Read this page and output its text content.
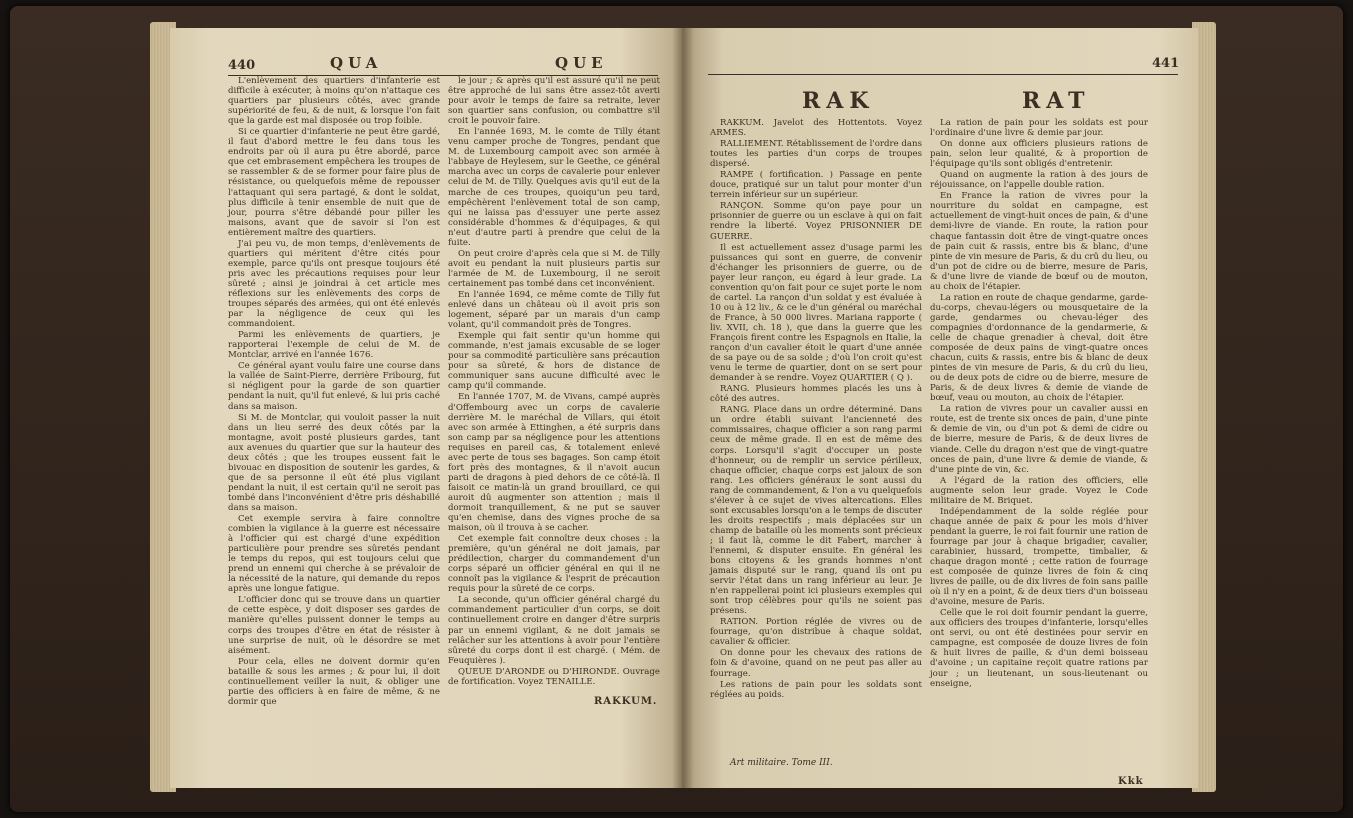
440	QUA	QUE

L'enlèvement des quartiers d'infanterie est difficile à exécuter, à moins qu'on n'attaque ces quartiers par plusieurs côtés, avec grande supériorité de feu, & de nuit, & lorsque l'on fait que la garde est mal disposée ou trop foible.

Si ce quartier d'infanterie ne peut être gardé, il faut d'abord mettre le feu dans tous les endroits par où il aura pu être abordé, parce que cet embrasement empêchera les troupes de se rassembler & de se former pour faire plus de résistance, ou quelquefois même de repousser l'attaquant qui sera partagé, & dont le soldat, plus difficile à tenir ensemble de nuit que de jour, pourra s'être débandé pour piller les maisons, avant que de savoir si l'on est entièrement maître des quartiers.

J'ai peu vu, de mon temps, d'enlèvements de quartiers qui méritent d'être cités pour exemple, parce qu'ils ont presque toujours été pris avec les précautions requises pour leur sûreté ; ainsi je joindrai à cet article mes réflexions sur les enlèvements des corps de troupes séparés des armées, qui ont été enlevés par la négligence de ceux qui les commandoient.

Parmi les enlèvements de quartiers, je rapporterai l'exemple de celui de M. de Montclar, arrivé en l'année 1676.

Ce général ayant voulu faire une course dans la vallée de Saint-Pierre, derrière Fribourg, fut si négligent pour la garde de son quartier pendant la nuit, qu'il fut enlevé, & lui pris caché dans sa maison.

Si M. de Montclar, qui vouloit passer la nuit dans un lieu serré des deux côtés par la montagne, avoit posté plusieurs gardes, tant aux avenues du quartier que sur la hauteur des deux côtés ; que les troupes eussent fait le bivouac en disposition de soutenir les gardes, & que de sa personne il eût été plus vigilant pendant la nuit, il est certain qu'il ne seroit pas tombé dans l'inconvénient d'être pris déshabillé dans sa maison.

Cet exemple servira à faire connoître combien la vigilance à la guerre est nécessaire à l'officier qui est chargé d'une expédition particulière pour prendre ses sûretés pendant le temps du repos, qui est toujours celui que prend un ennemi qui cherche à se prévaloir de la nécessité de la nature, qui demande du repos après une longue fatigue.

L'officier donc qui se trouve dans un quartier de cette espèce, y doit disposer ses gardes de manière qu'elles puissent donner le temps au corps des troupes d'être en état de résister à une surprise de nuit, où le désordre se met aisément.

Pour cela, elles ne doivent dormir qu'en bataille & sous les armes ; & pour lui, il doit continuellement veiller la nuit, & obliger une partie des officiers à en faire de même, & ne dormir que

le jour ; & après qu'il est assuré qu'il ne peut être approché de lui sans être assez-tôt averti pour avoir le temps de faire sa retraite, lever son quartier sans confusion, ou combattre s'il croit le pouvoir faire.

En l'année 1693, M. le comte de Tilly étant venu camper proche de Tongres, pendant que M. de Luxembourg campoit avec son armée à l'abbaye de Heylesem, sur le Geethe, ce général marcha avec un corps de cavalerie pour enlever celui de M. de Tilly. Quelques avis qu'il eut de la marche de ces troupes, quoiqu'un peu tard, empêchèrent l'enlèvement total de son camp, qui ne laissa pas d'essuyer une perte assez considérable d'hommes & d'équipages, & qui n'eut d'autre parti à prendre que celui de la fuite.

On peut croire d'après cela que si M. de Tilly avoit eu pendant la nuit plusieurs partis sur l'armée de M. de Luxembourg, il ne seroit certainement pas tombé dans cet inconvénient.

En l'année 1694, ce même comte de Tilly fut enlevé dans un château où il avoit pris son logement, séparé par un marais d'un camp volant, qu'il commandoit près de Tongres.

Exemple qui fait sentir qu'un homme qui commande, n'est jamais excusable de se loger pour sa commodité particulière sans précaution pour sa sûreté, & hors de distance de communiquer sans aucune difficulté avec le camp qu'il commande.

En l'année 1707, M. de Vivans, campé auprès d'Offembourg avec un corps de cavalerie derrière M. le maréchal de Villars, qui étoit avec son armée à Ettinghen, a été surpris dans son camp par sa négligence pour les attentions requises en pareil cas, & totalement enlevé avec perte de tous ses bagages. Son camp étoit fort près des montagnes, & il n'avoit aucun parti de dragons à pied dehors de ce côté-là. Il faisoit ce matin-là un grand brouillard, ce qui auroit dû augmenter son attention ; mais il dormoit tranquillement, & ne put se sauver qu'en chemise, dans des vignes proche de sa maison, où il trouva à se cacher.

Cet exemple fait connoître deux choses : la première, qu'un général ne doit jamais, par prédilection, charger du commandement d'un corps séparé un officier général en qui il ne connoît pas la vigilance & l'esprit de précaution requis pour la sûreté de ce corps.

La seconde, qu'un officier général chargé du commandement particulier d'un corps, se doit continuellement croire en danger d'être surpris par un ennemi vigilant, & ne doit jamais se relâcher sur les attentions à avoir pour l'entière sûreté du corps dont il est chargé. ( Mém. de Feuquières ).

QUEUE D'ARONDE ou D'HIRONDE. Ouvrage de fortification. Voyez TENAILLE.

RAKKUM.
441
RAK	RAT

RAKKUM. Javelot des Hottentots. Voyez ARMES.

RALLIEMENT. Rétablissement de l'ordre dans toutes les parties d'un corps de troupes dispersé.

RAMPE ( fortification. ) Passage en pente douce, pratiqué sur un talut pour monter d'un terrein inférieur sur un supérieur.

RANÇON. Somme qu'on paye pour un prisonnier de guerre ou un esclave à qui on fait rendre la liberté. Voyez PRISONNIER DE GUERRE.

Il est actuellement assez d'usage parmi les puissances qui sont en guerre, de convenir d'échanger les prisonniers de guerre, ou de payer leur rançon, eu égard à leur grade. La convention qu'on fait pour ce sujet porte le nom de cartel. La rançon d'un soldat y est évaluée à 10 ou à 12 liv., & ce le d'un général ou maréchal de France, à 50 000 livres. Mariana rapporte ( liv. XVII, ch. 18 ), que dans la guerre que les François firent contre les Espagnols en Italie, la rançon d'un cavalier étoit le quart d'une année de sa paye ou de sa solde ; d'où l'on croit qu'est venu le terme de quartier, dont on se sert pour demander à se rendre. Voyez QUARTIER ( Q ).

RANG. Plusieurs hommes placés les uns à côté des autres.

RANG. Place dans un ordre déterminé. Dans un ordre établi suivant l'ancienneté des commissaires, chaque officier a son rang parmi ceux de même grade. Il en est de même des corps. Lorsqu'il s'agit d'occuper un poste d'honneur, ou de remplir un service périlleux, chaque officier, chaque corps est jaloux de son rang. Les officiers généraux le sont aussi du rang de commandement, & l'on a vu quelquefois s'élever à ce sujet de vives altercations. Elles sont excusables lorsqu'on a le temps de discuter les droits respectifs ; mais déplacées sur un champ de bataille où les moments sont précieux ; il faut là, comme le dit Fabert, marcher à l'ennemi, & disputer ensuite. En général les bons citoyens & les grands hommes n'ont jamais disputé sur le rang, quand ils ont pu servir l'état dans un rang inférieur au leur. Je n'en rappellerai point ici plusieurs exemples qui sont trop célèbres pour qu'ils ne soient pas présens.

RATION. Portion réglée de vivres ou de fourrage, qu'on distribue à chaque soldat, cavalier & officier.

On donne pour les chevaux des rations de foin & d'avoine, quand on ne peut pas aller au fourrage.

Les rations de pain pour les soldats sont réglées au poids.

La ration de pain pour les soldats est pour l'ordinaire d'une livre & demie par jour.

On donne aux officiers plusieurs rations de pain, selon leur qualité, & à proportion de l'équipage qu'ils sont obligés d'entretenir.

Quand on augmente la ration à des jours de réjouissance, on l'appelle double ration.

En France la ration de vivres pour la nourriture du soldat en campagne, est actuellement de vingt-huit onces de pain, & d'une demi-livre de viande. En route, la ration pour chaque fantassin doit être de vingt-quatre onces de pain cuit & rassis, entre bis & blanc, d'une pinte de vin mesure de Paris, & du crû du lieu, ou d'un pot de cidre ou de bierre, mesure de Paris, & d'une livre de viande de bœuf ou de mouton, au choix de l'étapier.

La ration en route de chaque gendarme, garde-du-corps, chevau-légers ou mousquetaire de la garde, gendarmes ou chevau-léger des compagnies d'ordonnance de la gendarmerie, & celle de chaque grenadier à cheval, doit être composée de deux pains de vingt-quatre onces chacun, cuits & rassis, entre bis & blanc de deux pintes de vin mesure de Paris, & du crû du lieu, ou de deux pots de cidre ou de bierre, mesure de Paris, & de deux livres & demie de viande de bœuf, veau ou mouton, au choix de l'étapier.

La ration de vivres pour un cavalier aussi en route, est de trente six onces de pain, d'une pinte & demie de vin, ou d'un pot & demi de cidre ou de bierre, mesure de Paris, & de deux livres de viande. Celle du dragon n'est que de vingt-quatre onces de pain, d'une livre & demie de viande, & d'une pinte de vin, &c.

A l'égard de la ration des officiers, elle augmente selon leur grade. Voyez le Code militaire de M. Briquet.

Indépendamment de la solde réglée pour chaque année de paix & pour les mois d'hiver pendant la guerre, le roi fait fournir une ration de fourrage par jour à chaque brigadier, cavalier, carabinier, hussard, trompette, timbalier, & chaque dragon monté ; cette ration de fourrage est composée de quinze livres de foin & cinq livres de paille, ou de dix livres de foin sans paille où il n'y en a point, & de deux tiers d'un boisseau d'avoine, mesure de Paris.

Celle que le roi doit fournir pendant la guerre, aux officiers des troupes d'infanterie, lorsqu'elles ont servi, ou ont été destinées pour servir en campagne, est composée de douze livres de foin & huit livres de paille, & d'un demi boisseau d'avoine ; un capitaine reçoit quatre rations par jour ; un lieutenant, un sous-lieutenant ou enseigne,

Art militaire. Tome III.
Kkk
